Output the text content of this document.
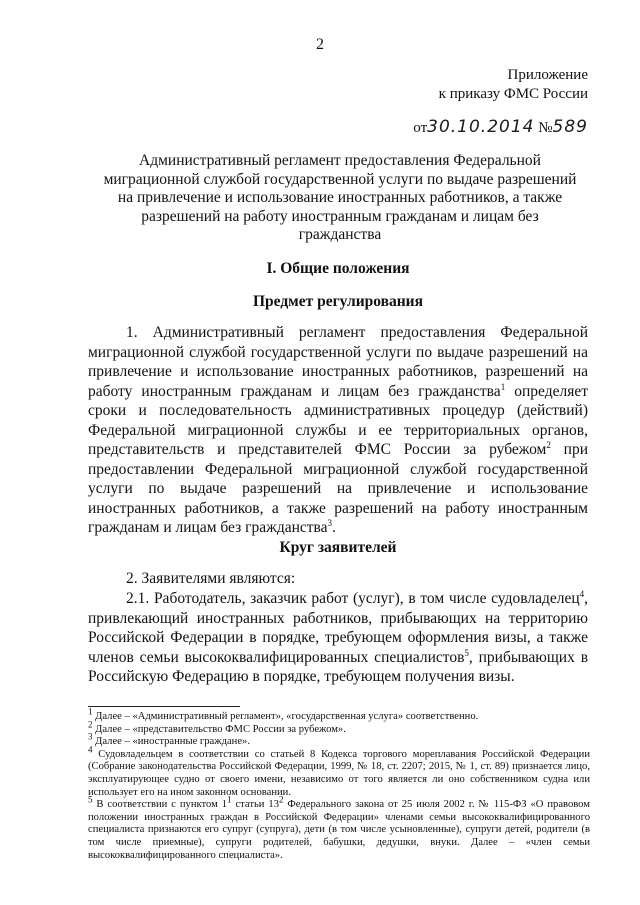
2
Приложение
к приказу ФМС России
от30.10.2014 №589
Административный регламент предоставления Федеральной миграционной службой государственной услуги по выдаче разрешений на привлечение и использование иностранных работников, а также разрешений на работу иностранным гражданам и лицам без гражданства
I. Общие положения
Предмет регулирования
1. Административный регламент предоставления Федеральной миграционной службой государственной услуги по выдаче разрешений на привлечение и использование иностранных работников, разрешений на работу иностранным гражданам и лицам без гражданства$^1$ определяет сроки и последовательность административных процедур (действий) Федеральной миграционной службы и ее территориальных органов, представительств и представителей ФМС России за рубежом$^2$ при предоставлении Федеральной миграционной службой государственной услуги по выдаче разрешений на привлечение и использование иностранных работников, а также разрешений на работу иностранным гражданам и лицам без гражданства$^3$.
Круг заявителей
2. Заявителями являются:
2.1. Работодатель, заказчик работ (услуг), в том числе судовладелец$^4$, привлекающий иностранных работников, прибывающих на территорию Российской Федерации в порядке, требующем оформления визы, а также членов семьи высококвалифицированных специалистов$^5$, прибывающих в Российскую Федерацию в порядке, требующем получения визы.
$^1$ Далее – «Административный регламент», «государственная услуга» соответственно.
$^2$ Далее – «представительство ФМС России за рубежом».
$^3$ Далее – «иностранные граждане».
$^4$ Судовладельцем в соответствии со статьей 8 Кодекса торгового мореплавания Российской Федерации (Собрание законодательства Российской Федерации, 1999, № 18, ст. 2207; 2015, № 1, ст. 89) признается лицо, эксплуатирующее судно от своего имени, независимо от того является ли оно собственником судна или использует его на ином законном основании.
$^5$ В соответствии с пунктом $1^1$ статьи $13^2$ Федерального закона от 25 июля 2002 г. № 115-ФЗ «О правовом положении иностранных граждан в Российской Федерации» членами семьи высококвалифицированного специалиста признаются его супруг (супруга), дети (в том числе усыновленные), супруги детей, родители (в том числе приемные), супруги родителей, бабушки, дедушки, внуки. Далее – «член семьи высококвалифицированного специалиста».
